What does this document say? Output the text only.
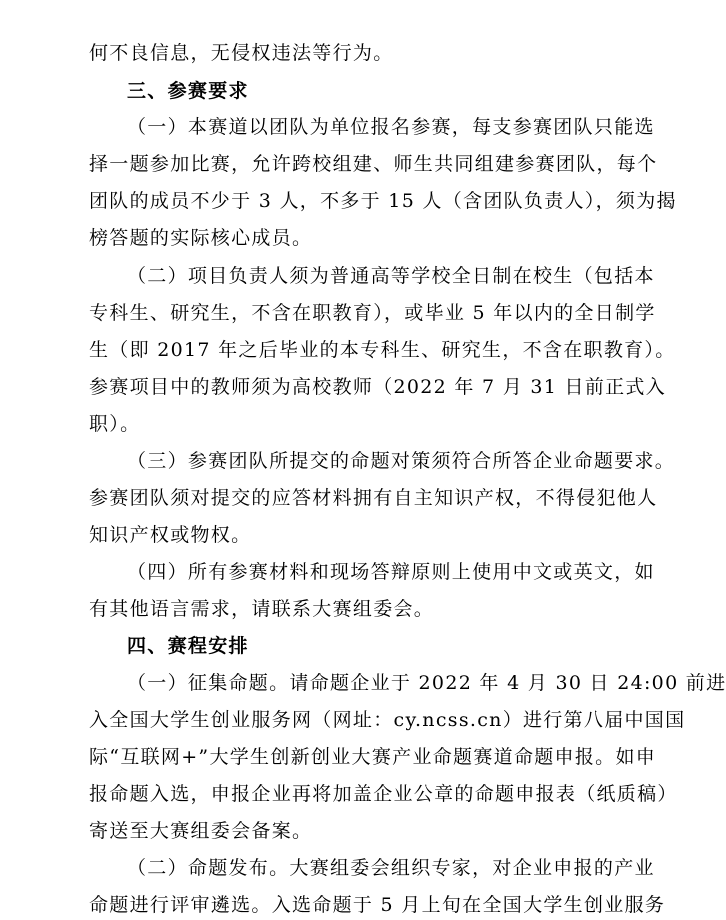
何不良信息，无侵权违法等行为。
三、参赛要求
（一）本赛道以团队为单位报名参赛，每支参赛团队只能选
择一题参加比赛，允许跨校组建、师生共同组建参赛团队，每个
团队的成员不少于 3 人，不多于 15 人（含团队负责人），须为揭
榜答题的实际核心成员。
（二）项目负责人须为普通高等学校全日制在校生（包括本
专科生、研究生，不含在职教育），或毕业 5 年以内的全日制学
生（即 2017 年之后毕业的本专科生、研究生，不含在职教育）。
参赛项目中的教师须为高校教师（2022 年 7 月 31 日前正式入
职）。
（三）参赛团队所提交的命题对策须符合所答企业命题要求。
参赛团队须对提交的应答材料拥有自主知识产权，不得侵犯他人
知识产权或物权。
（四）所有参赛材料和现场答辩原则上使用中文或英文，如
有其他语言需求，请联系大赛组委会。
四、赛程安排
（一）征集命题。请命题企业于 2022 年 4 月 30 日 24:00 前进
入全国大学生创业服务网（网址：cy.ncss.cn）进行第八届中国国
际“互联网+”大学生创新创业大赛产业命题赛道命题申报。如申
报命题入选，申报企业再将加盖企业公章的命题申报表（纸质稿）
寄送至大赛组委会备案。
（二）命题发布。大赛组委会组织专家，对企业申报的产业
命题进行评审遴选。入选命题于 5 月上旬在全国大学生创业服务
